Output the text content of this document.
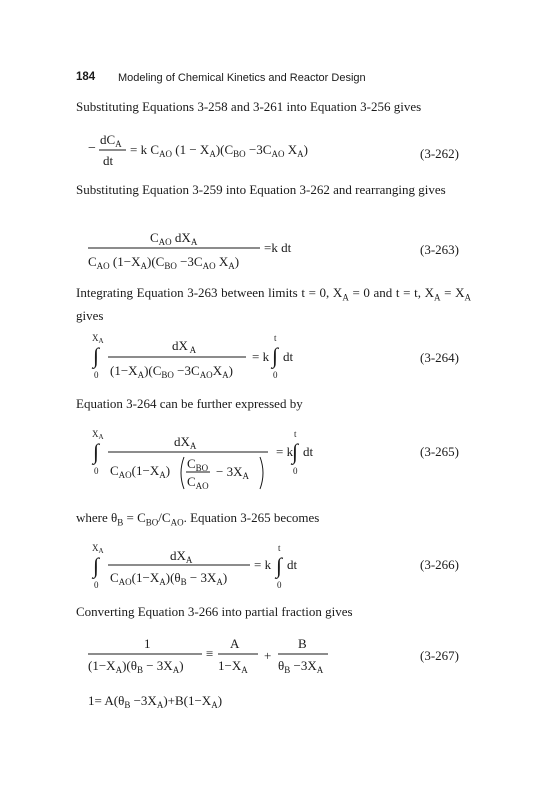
184 Modeling of Chemical Kinetics and Reactor Design
Substituting Equations 3-258 and 3-261 into Equation 3-256 gives
−
$dC_A$
dt
= k $C_{AO}$ $(1 - X_A)(C_{BO} -3C_{AO}$ $X_A$)	(3-262)
Substituting Equation 3-259 into Equation 3-262 and rearranging gives
$C_{AO}$ $dX_A$
$C_{AO}$ $(1-X_A)(C_{BO} -3C_{AO}$ $X_A$)
=k dt	(3-263)
Integrating Equation 3-263 between limits t = 0, $X_A = 0$ and t = t, $X_A = X_A$ gives
$X_A$
∫
0
dX $_A$
$(1-X_A)(C_{BO} -3C_{AO}X_A)$
= k
t
∫
0
dt	(3-264)
Equation 3-264 can be further expressed by
$X_A$
∫
0
$dX_A$
$C_{AO}(1-X_A)$ $C_{BO}$
$C_{AO}$
− $3X_A$
= k
t
∫
0
dt	(3-265)
where $\theta_B = C_{BO}/C_{AO}$. Equation 3-265 becomes
$X_A$
∫
0
$dX_A$
$C_{AO}(1-X_A)(\theta_B - 3X_A)$
= k
t
∫
0
dt	(3-266)
Converting Equation 3-266 into partial fraction gives
1
$(1-X_A)(\theta_B - 3X_A)$
≡
A
$1-X_A$
+
B
$\theta_B -3X_A$
(3-267)
$1= A(\theta_B -3X_A)+B(1-X_A)$
